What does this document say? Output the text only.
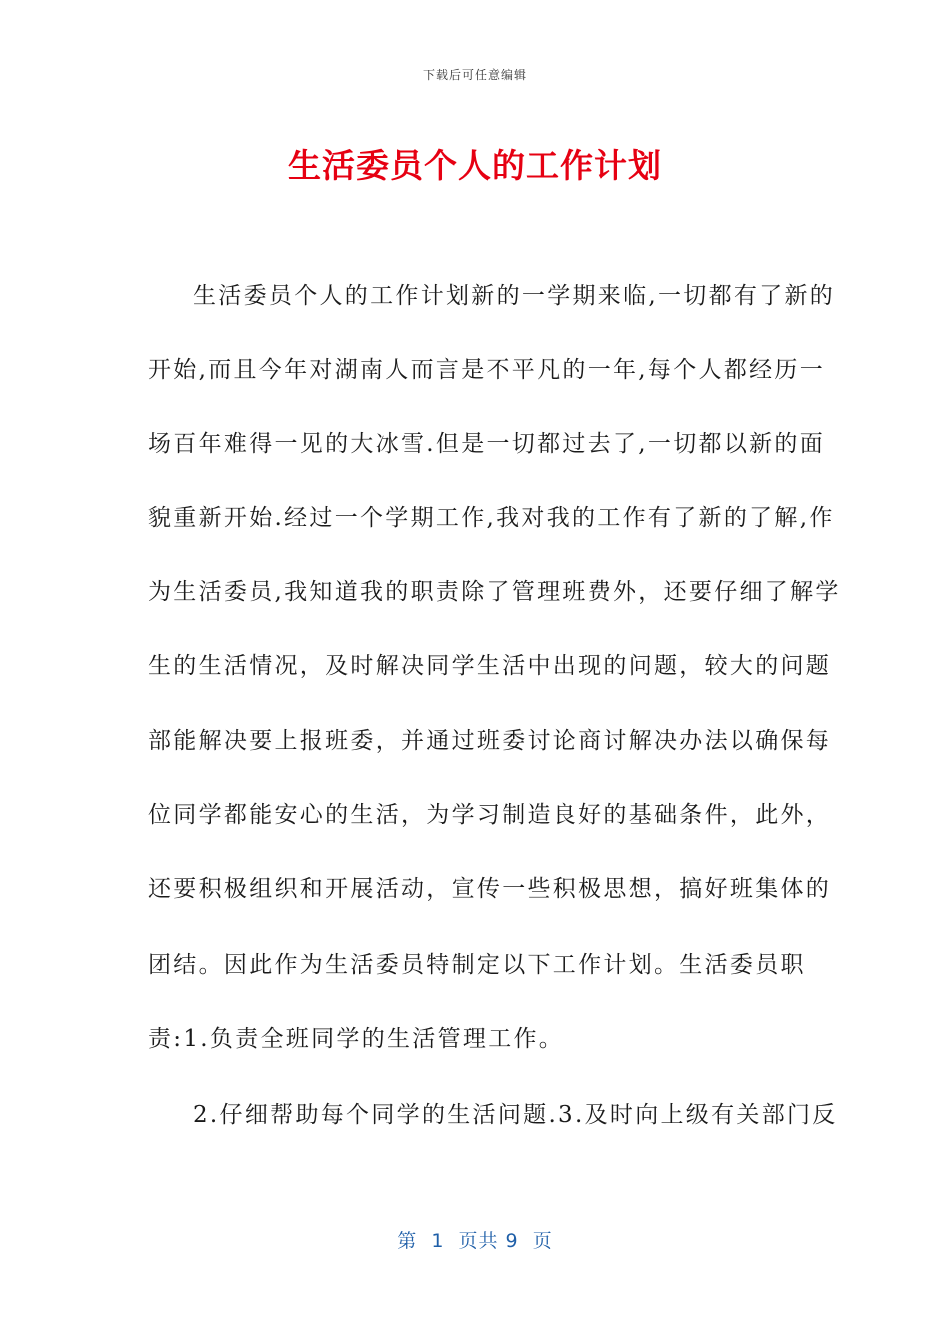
下载后可任意编辑
生活委员个人的工作计划
生活委员个人的工作计划新的一学期来临,一切都有了新的
开始,而且今年对湖南人而言是不平凡的一年,每个人都经历一
场百年难得一见的大冰雪.但是一切都过去了,一切都以新的面
貌重新开始.经过一个学期工作,我对我的工作有了新的了解,作
为生活委员,我知道我的职责除了管理班费外，还要仔细了解学
生的生活情况，及时解决同学生活中出现的问题，较大的问题
部能解决要上报班委，并通过班委讨论商讨解决办法以确保每
位同学都能安心的生活，为学习制造良好的基础条件，此外，
还要积极组织和开展活动，宣传一些积极思想，搞好班集体的
团结。因此作为生活委员特制定以下工作计划。生活委员职
责:1.负责全班同学的生活管理工作。
2.仔细帮助每个同学的生活问题.3.及时向上级有关部门反
第  1  页共 9  页
